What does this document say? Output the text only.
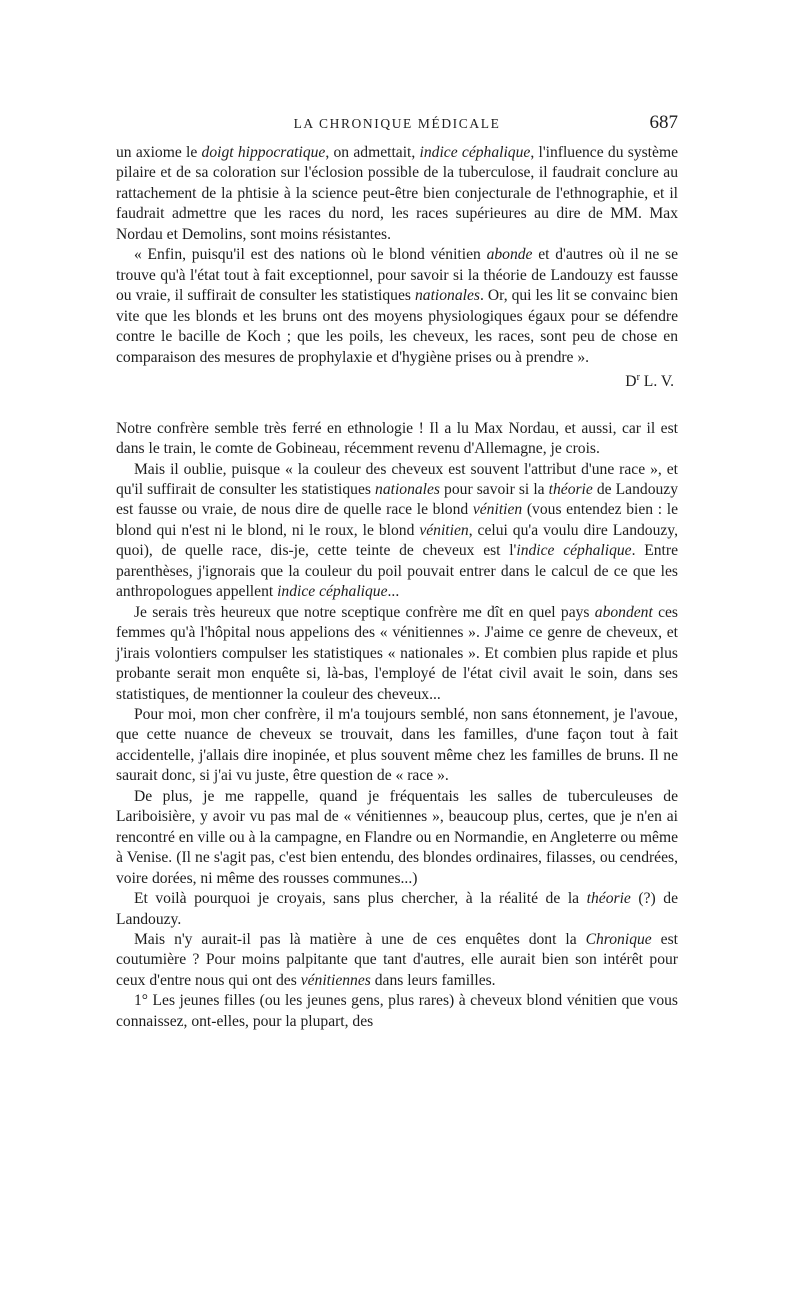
LA CHRONIQUE MÉDICALE	687

un axiome le doigt hippocratique, on admettait, indice céphalique, l'influence du système pilaire et de sa coloration sur l'éclosion possible de la tuberculose, il faudrait conclure au rattachement de la phtisie à la science peut-être bien conjecturale de l'ethnographie, et il faudrait admettre que les races du nord, les races supérieures au dire de MM. Max Nordau et Demolins, sont moins résistantes.

« Enfin, puisqu'il est des nations où le blond vénitien abonde et d'autres où il ne se trouve qu'à l'état tout à fait exceptionnel, pour savoir si la théorie de Landouzy est fausse ou vraie, il suffirait de consulter les statistiques nationales. Or, qui les lit se convainc bien vite que les blonds et les bruns ont des moyens physiologiques égaux pour se défendre contre le bacille de Koch ; que les poils, les cheveux, les races, sont peu de chose en comparaison des mesures de prophylaxie et d'hygiène prises ou à prendre ».

$D^r$ L. V.

Notre confrère semble très ferré en ethnologie ! Il a lu Max Nordau, et aussi, car il est dans le train, le comte de Gobineau, récemment revenu d'Allemagne, je crois.

Mais il oublie, puisque « la couleur des cheveux est souvent l'attribut d'une race », et qu'il suffirait de consulter les statistiques nationales pour savoir si la théorie de Landouzy est fausse ou vraie, de nous dire de quelle race le blond vénitien (vous entendez bien : le blond qui n'est ni le blond, ni le roux, le blond vénitien, celui qu'a voulu dire Landouzy, quoi), de quelle race, dis-je, cette teinte de cheveux est l'indice céphalique. Entre parenthèses, j'ignorais que la couleur du poil pouvait entrer dans le calcul de ce que les anthropologues appellent indice céphalique...

Je serais très heureux que notre sceptique confrère me dît en quel pays abondent ces femmes qu'à l'hôpital nous appelions des « vénitiennes ». J'aime ce genre de cheveux, et j'irais volontiers compulser les statistiques « nationales ». Et combien plus rapide et plus probante serait mon enquête si, là-bas, l'employé de l'état civil avait le soin, dans ses statistiques, de mentionner la couleur des cheveux...

Pour moi, mon cher confrère, il m'a toujours semblé, non sans étonnement, je l'avoue, que cette nuance de cheveux se trouvait, dans les familles, d'une façon tout à fait accidentelle, j'allais dire inopinée, et plus souvent même chez les familles de bruns. Il ne saurait donc, si j'ai vu juste, être question de « race ».

De plus, je me rappelle, quand je fréquentais les salles de tuberculeuses de Lariboisière, y avoir vu pas mal de « vénitiennes », beaucoup plus, certes, que je n'en ai rencontré en ville ou à la campagne, en Flandre ou en Normandie, en Angleterre ou même à Venise. (Il ne s'agit pas, c'est bien entendu, des blondes ordinaires, filasses, ou cendrées, voire dorées, ni même des rousses communes...)

Et voilà pourquoi je croyais, sans plus chercher, à la réalité de la théorie (?) de Landouzy.

Mais n'y aurait-il pas là matière à une de ces enquêtes dont la Chronique est coutumière ? Pour moins palpitante que tant d'autres, elle aurait bien son intérêt pour ceux d'entre nous qui ont des vénitiennes dans leurs familles.

1° Les jeunes filles (ou les jeunes gens, plus rares) à cheveux blond vénitien que vous connaissez, ont-elles, pour la plupart, des
